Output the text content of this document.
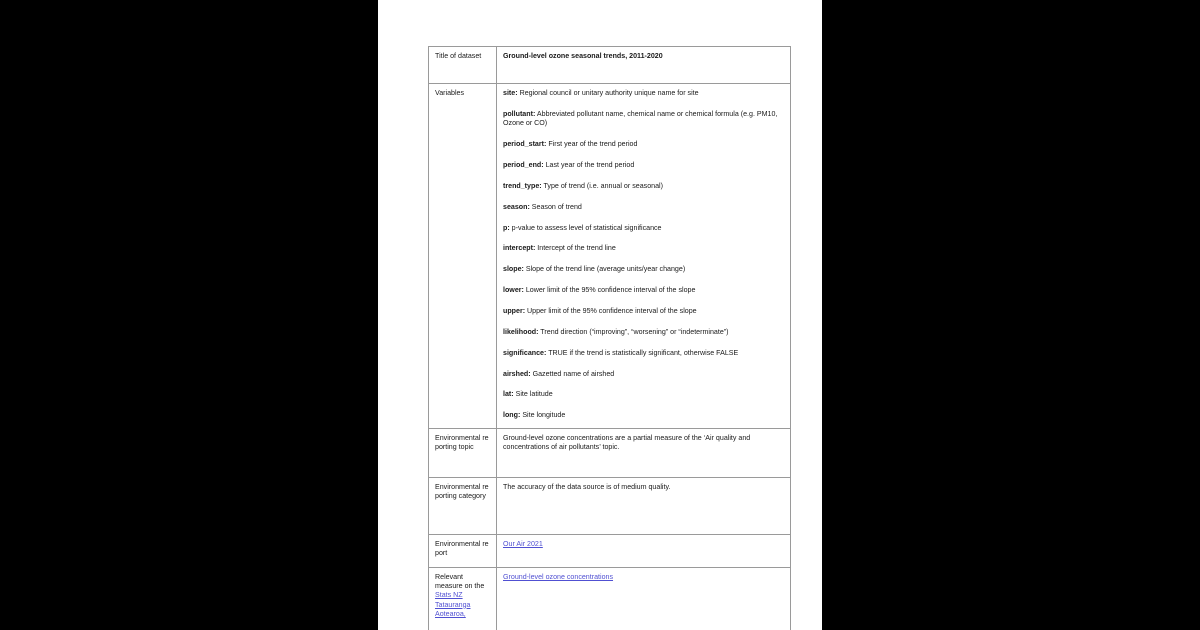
Title of dataset	Ground-level ozone seasonal trends, 2011-2020
Variables	site: Regional council or unitary authority unique name for site

pollutant: Abbreviated pollutant name, chemical name or chemical formula (e.g. PM10, Ozone or CO)

period_start: First year of the trend period

period_end: Last year of the trend period

trend_type: Type of trend (i.e. annual or seasonal)

season: Season of trend

p: p-value to assess level of statistical significance

intercept: Intercept of the trend line

slope: Slope of the trend line (average units/year change)

lower: Lower limit of the 95% confidence interval of the slope

upper: Upper limit of the 95% confidence interval of the slope

likelihood: Trend direction (“improving”, “worsening” or “indeterminate”)

significance: TRUE if the trend is statistically significant, otherwise FALSE

airshed: Gazetted name of airshed

lat: Site latitude

long: Site longitude

Environmental reporting topic	Ground-level ozone concentrations are a partial measure of the ‘Air quality and concentrations of air pollutants’ topic.
Environmental reporting category	The accuracy of the data source is of medium quality.
Environmental report	Our Air 2021
Relevant measure on the Stats NZ Tatauranga Aotearoa,	Ground-level ozone concentrations
